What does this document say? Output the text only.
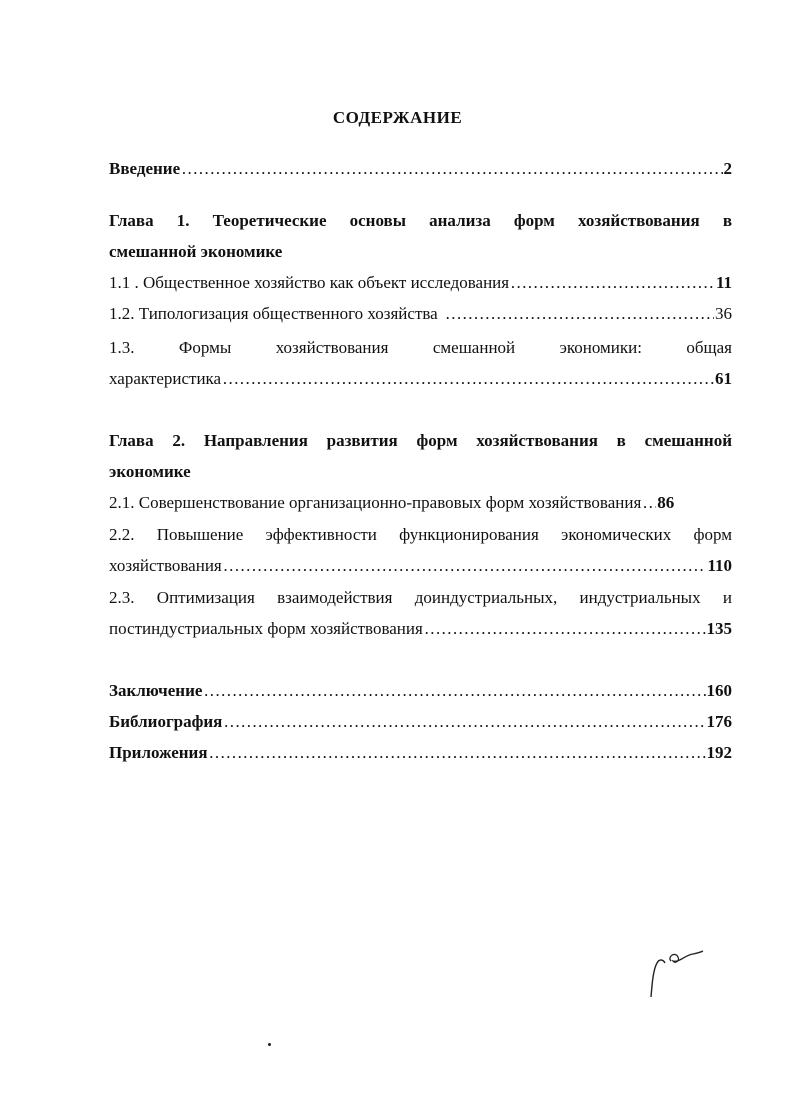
СОДЕРЖАНИЕ
Введение ……………………………………………………………………………………………………………………………………………………………………	2
Глава 1. Теоретические основы анализа форм хозяйствования в
смешанной экономике
1.1 . Общественное хозяйство как объект исследования ……………………………………………………………………………………………………………………………………………………………………	11
1.2. Типологизация общественного хозяйства ……………………………………………………………………………………………………………………………………………………………………	36
1.3. Формы хозяйствования смешанной экономики: общая
характеристика ……………………………………………………………………………………………………………………………………………………………………	61
Глава 2. Направления развития форм хозяйствования в смешанной
экономике
2.1. Совершенствование организационно-правовых форм хозяйствования …………………………………………………………………………………………………………………………………………………………………… 86
2.2. Повышение эффективности функционирования экономических форм
хозяйствования ……………………………………………………………………………………………………………………………………………………………………	110
2.3. Оптимизация взаимодействия доиндустриальных, индустриальных и
постиндустриальных форм хозяйствования ……………………………………………………………………………………………………………………………………………………………………	135
Заключение ……………………………………………………………………………………………………………………………………………………………………	160
Библиография ……………………………………………………………………………………………………………………………………………………………………	176
Приложения ……………………………………………………………………………………………………………………………………………………………………	192
